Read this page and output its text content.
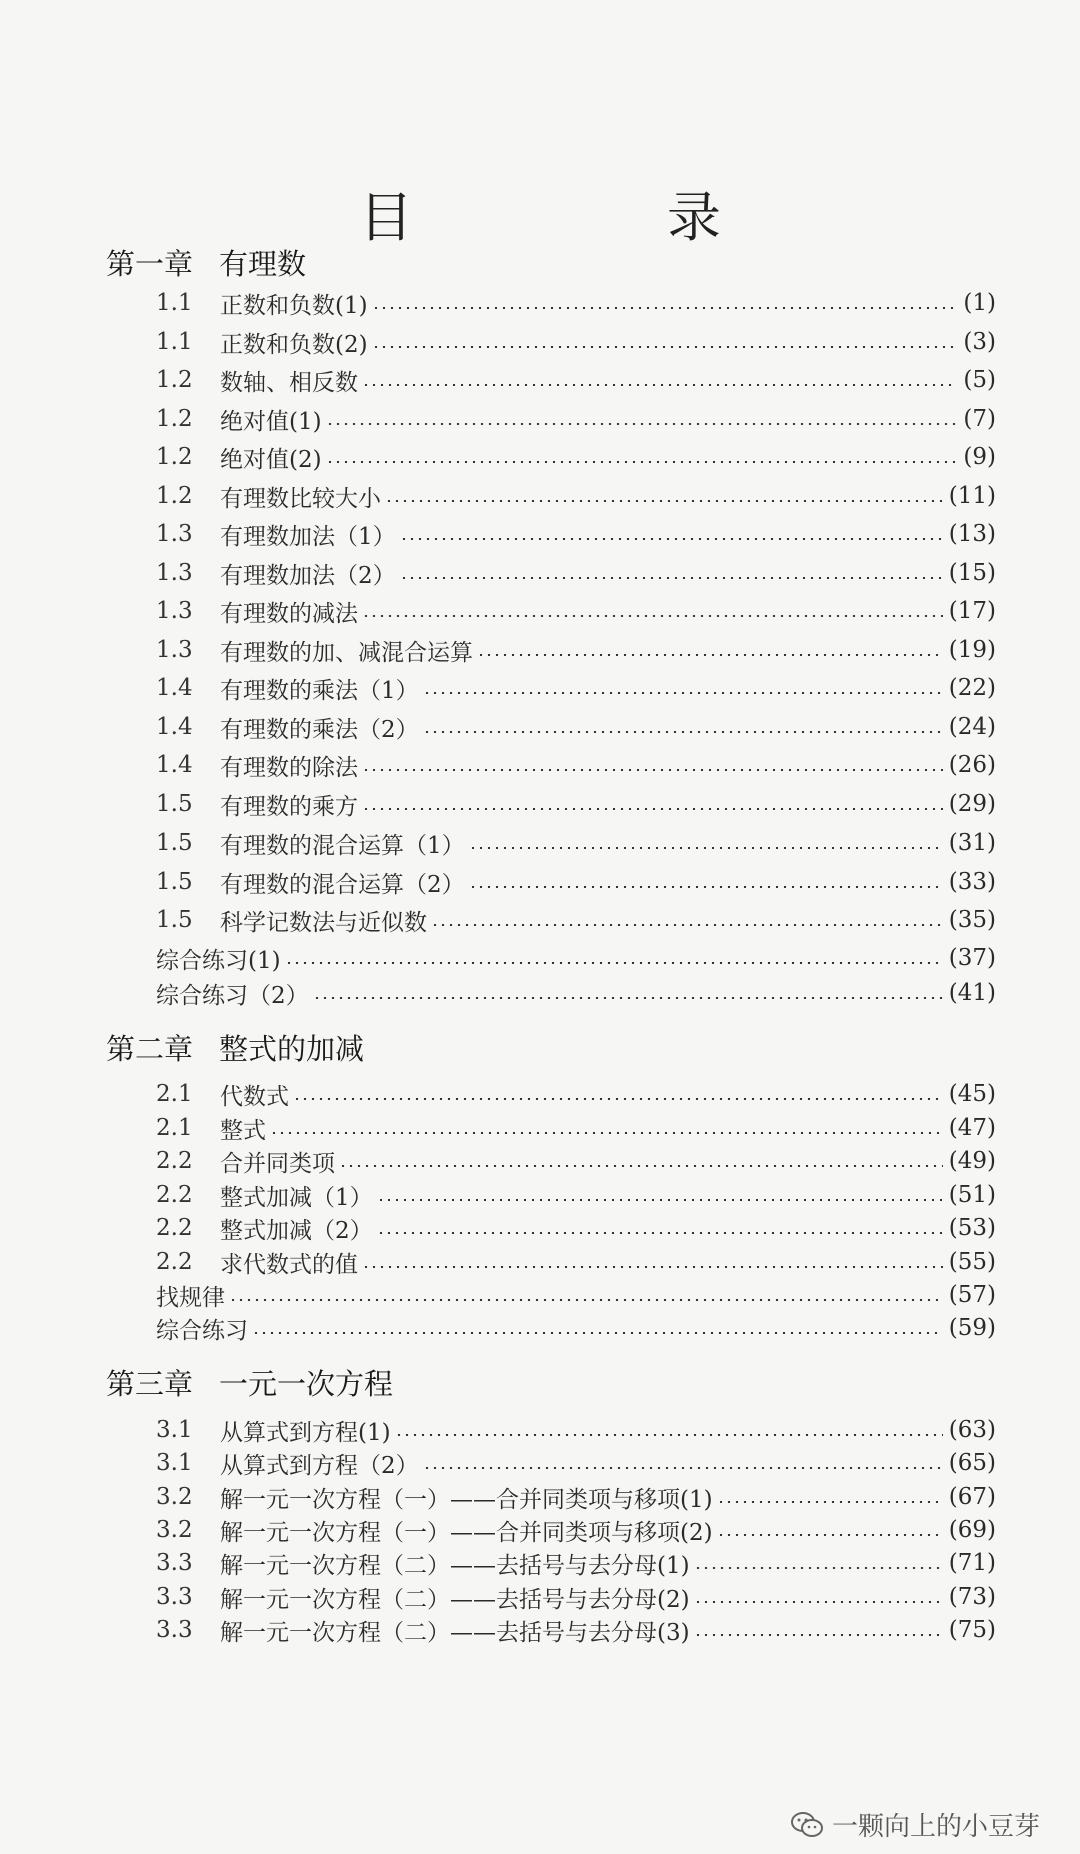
目　录
第一章 有理数
第二章 整式的加减
第三章 一元一次方程
1.1	正数和负数(1)	(1)
1.1	正数和负数(2)	(3)
1.2	数轴、相反数	(5)
1.2	绝对值(1)	(7)
1.2	绝对值(2)	(9)
1.2	有理数比较大小	(11)
1.3	有理数加法（1）	(13)
1.3	有理数加法（2）	(15)
1.3	有理数的减法	(17)
1.3	有理数的加、减混合运算	(19)
1.4	有理数的乘法（1）	(22)
1.4	有理数的乘法（2）	(24)
1.4	有理数的除法	(26)
1.5	有理数的乘方	(29)
1.5	有理数的混合运算（1）	(31)
1.5	有理数的混合运算（2）	(33)
1.5	科学记数法与近似数	(35)
综合练习(1)	(37)
综合练习（2）	(41)
2.1	代数式	(45)
2.1	整式	(47)
2.2	合并同类项	(49)
2.2	整式加减（1）	(51)
2.2	整式加减（2）	(53)
2.2	求代数式的值	(55)
找规律	(57)
综合练习	(59)
3.1	从算式到方程(1)	(63)
3.1	从算式到方程（2）	(65)
3.2	解一元一次方程（一）——合并同类项与移项(1)	(67)
3.2	解一元一次方程（一）——合并同类项与移项(2)	(69)
3.3	解一元一次方程（二）——去括号与去分母(1)	(71)
3.3	解一元一次方程（二）——去括号与去分母(2)	(73)
3.3	解一元一次方程（二）——去括号与去分母(3)	(75)
一颗向上的小豆芽
